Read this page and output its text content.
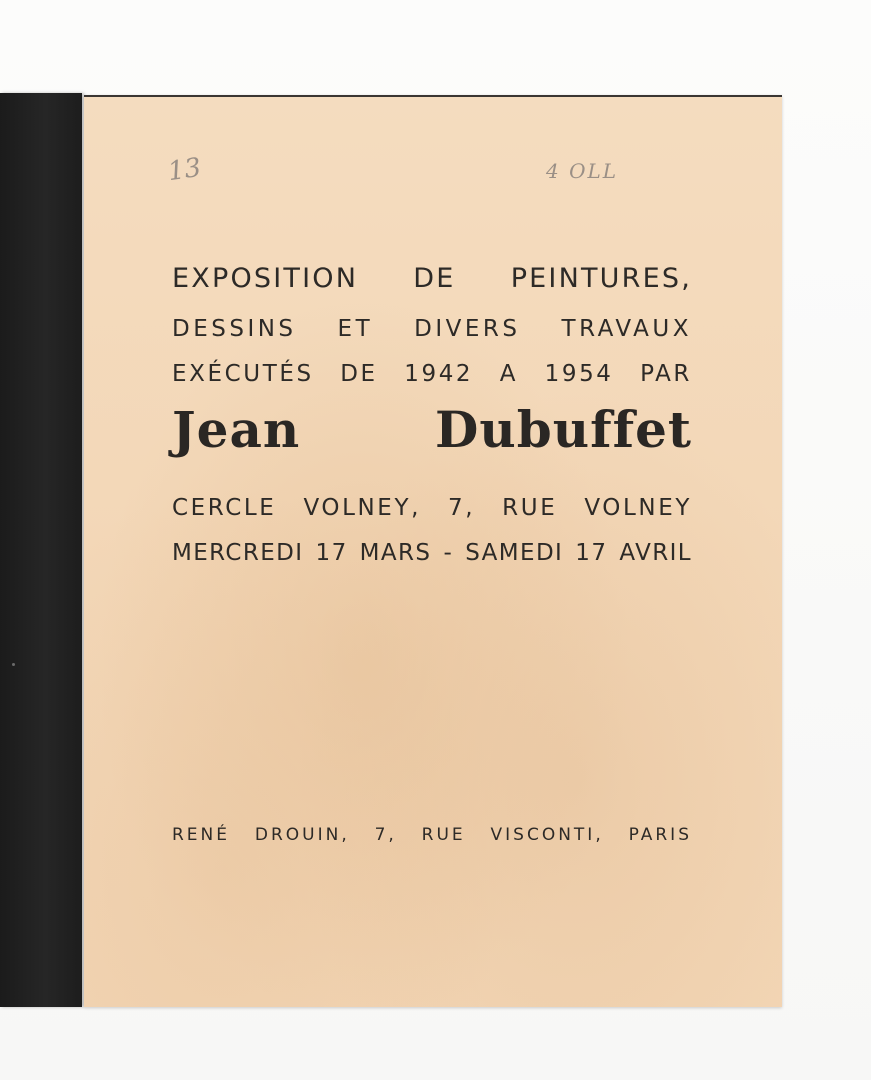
13	4 OLL
EXPOSITION DE PEINTURES,
DESSINS ET DIVERS TRAVAUX
EXÉCUTÉS DE 1942 A 1954 PAR
Jean Dubuffet
CERCLE VOLNEY, 7, RUE VOLNEY
MERCREDI 17 MARS - SAMEDI 17 AVRIL
RENÉ DROUIN, 7, RUE VISCONTI, PARIS
